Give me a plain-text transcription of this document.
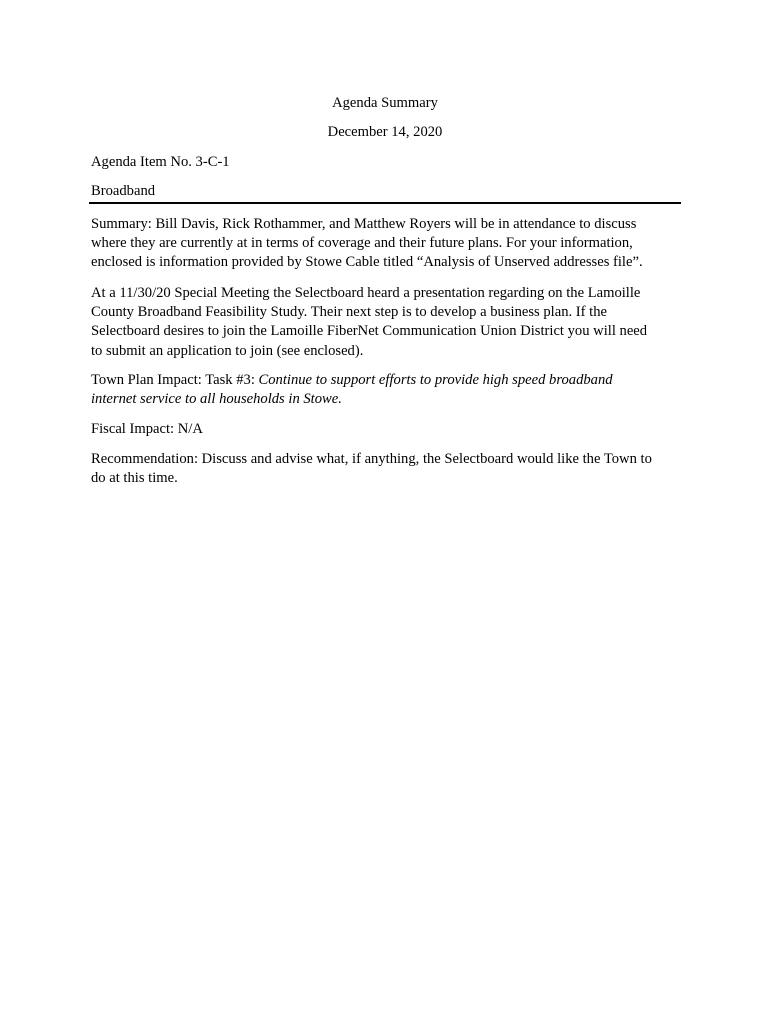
Agenda Summary
December 14, 2020
Agenda Item No. 3-C-1
Broadband

Summary: Bill Davis, Rick Rothammer, and Matthew Royers will be in attendance to discuss
where they are currently at in terms of coverage and their future plans. For your information,
enclosed is information provided by Stowe Cable titled “Analysis of Unserved addresses file”.

At a 11/30/20 Special Meeting the Selectboard heard a presentation regarding on the Lamoille
County Broadband Feasibility Study. Their next step is to develop a business plan. If the
Selectboard desires to join the Lamoille FiberNet Communication Union District you will need
to submit an application to join (see enclosed).

Town Plan Impact: Task #3: Continue to support efforts to provide high speed broadband
internet service to all households in Stowe.

Fiscal Impact: N/A

Recommendation: Discuss and advise what, if anything, the Selectboard would like the Town to
do at this time.
